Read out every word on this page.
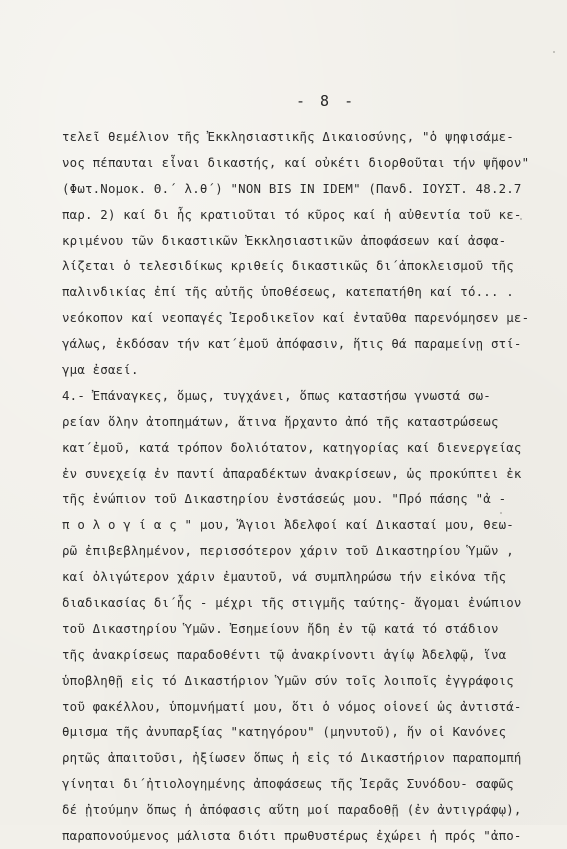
- 8 -
τελεῖ θεμέλιον τῆς Ἐκκλησιαστικῆς Δικαιοσύνης, "ὁ ψηφισάμε-
νος πέπαυται εἶναι δικαστής, καί οὐκέτι διορθοῦται τήν ψῆφον"
(Φωτ.Νομοκ. Θ.΄ λ.θ΄) "NON BIS IN IDEM" (Πανδ. ΙΟΥΣΤ. 48.2.7
παρ. 2) καί δι ἧς κρατιοῦται τό κῦρος καί ἡ αὐθεντία τοῦ κε-
κριμένου τῶν δικαστικῶν Ἐκκλησιαστικῶν ἀποφάσεων καί ἀσφα-
λίζεται ὁ τελεσιδίκως κριθείς δικαστικῶς δι΄ἀποκλεισμοῦ τῆς
παλινδικίας ἐπί τῆς αὐτῆς ὑποθέσεως, κατεπατήθη καί τό... .
νεόκοπον καί νεοπαγές Ἱεροδικεῖον καί ἐνταῦθα παρενόμησεν με-
γάλως, ἐκδόσαν τήν κατ΄ἐμοῦ ἀπόφασιν, ἥτις θά παραμείνῃ στί-
γμα ἐσαεί.
4.- Ἐπάναγκες, ὅμως, τυγχάνει, ὅπως καταστήσω γνωστά σω-
ρείαν ὅλην ἀτοπημάτων, ἅτινα ἤρχαντο ἀπό τῆς καταστρώσεως
κατ΄ἐμοῦ, κατά τρόπον δολιότατον, κατηγορίας καί διενεργείας
ἐν συνεχείᾳ ἐν παντί ἀπαραδέκτων ἀνακρίσεων, ὡς προκύπτει ἐκ
τῆς ἐνώπιον τοῦ Δικαστηρίου ἐνστάσεώς μου. "Πρό πάσης "ἀ -
π ο λ ο γ ί α ς " μου, Ἅγιοι Ἀδελφοί καί Δικασταί μου, θεω-
ρῶ ἐπιβεβλημένον, περισσότερον χάριν τοῦ Δικαστηρίου Ὑμῶν ,
καί ὀλιγώτερον χάριν ἐμαυτοῦ, νά συμπληρώσω τήν εἰκόνα τῆς
διαδικασίας δι΄ἧς - μέχρι τῆς στιγμῆς ταύτης- ἄγομαι ἐνώπιον
τοῦ Δικαστηρίου Ὑμῶν. Ἐσημείουν ἤδη ἐν τῷ κατά τό στάδιον
τῆς ἀνακρίσεως παραδοθέντι τῷ ἀνακρίνοντι ἁγίῳ Ἀδελφῷ, ἵνα
ὑποβληθῇ εἰς τό Δικαστήριον Ὑμῶν σύν τοῖς λοιποῖς ἐγγράφοις
τοῦ φακέλλου, ὑπομνήματί μου, ὅτι ὁ νόμος οἱονεί ὡς ἀντιστά-
θμισμα τῆς ἀνυπαρξίας "κατηγόρου" (μηνυτοῦ), ἥν οἱ Κανόνες
ρητῶς ἀπαιτοῦσι, ἠξίωσεν ὅπως ἡ εἰς τό Δικαστήριον παραπομπή
γίνηται δι΄ἠτιολογημένης ἀποφάσεως τῆς Ἱερᾶς Συνόδου- σαφῶς
δέ ᾐτούμην ὅπως ἡ ἀπόφασις αὕτη μοί παραδοθῇ (ἐν ἀντιγράφῳ),
παραπονούμενος μάλιστα διότι πρωθυστέρως ἐχώρει ἡ πρός "ἀπο-
